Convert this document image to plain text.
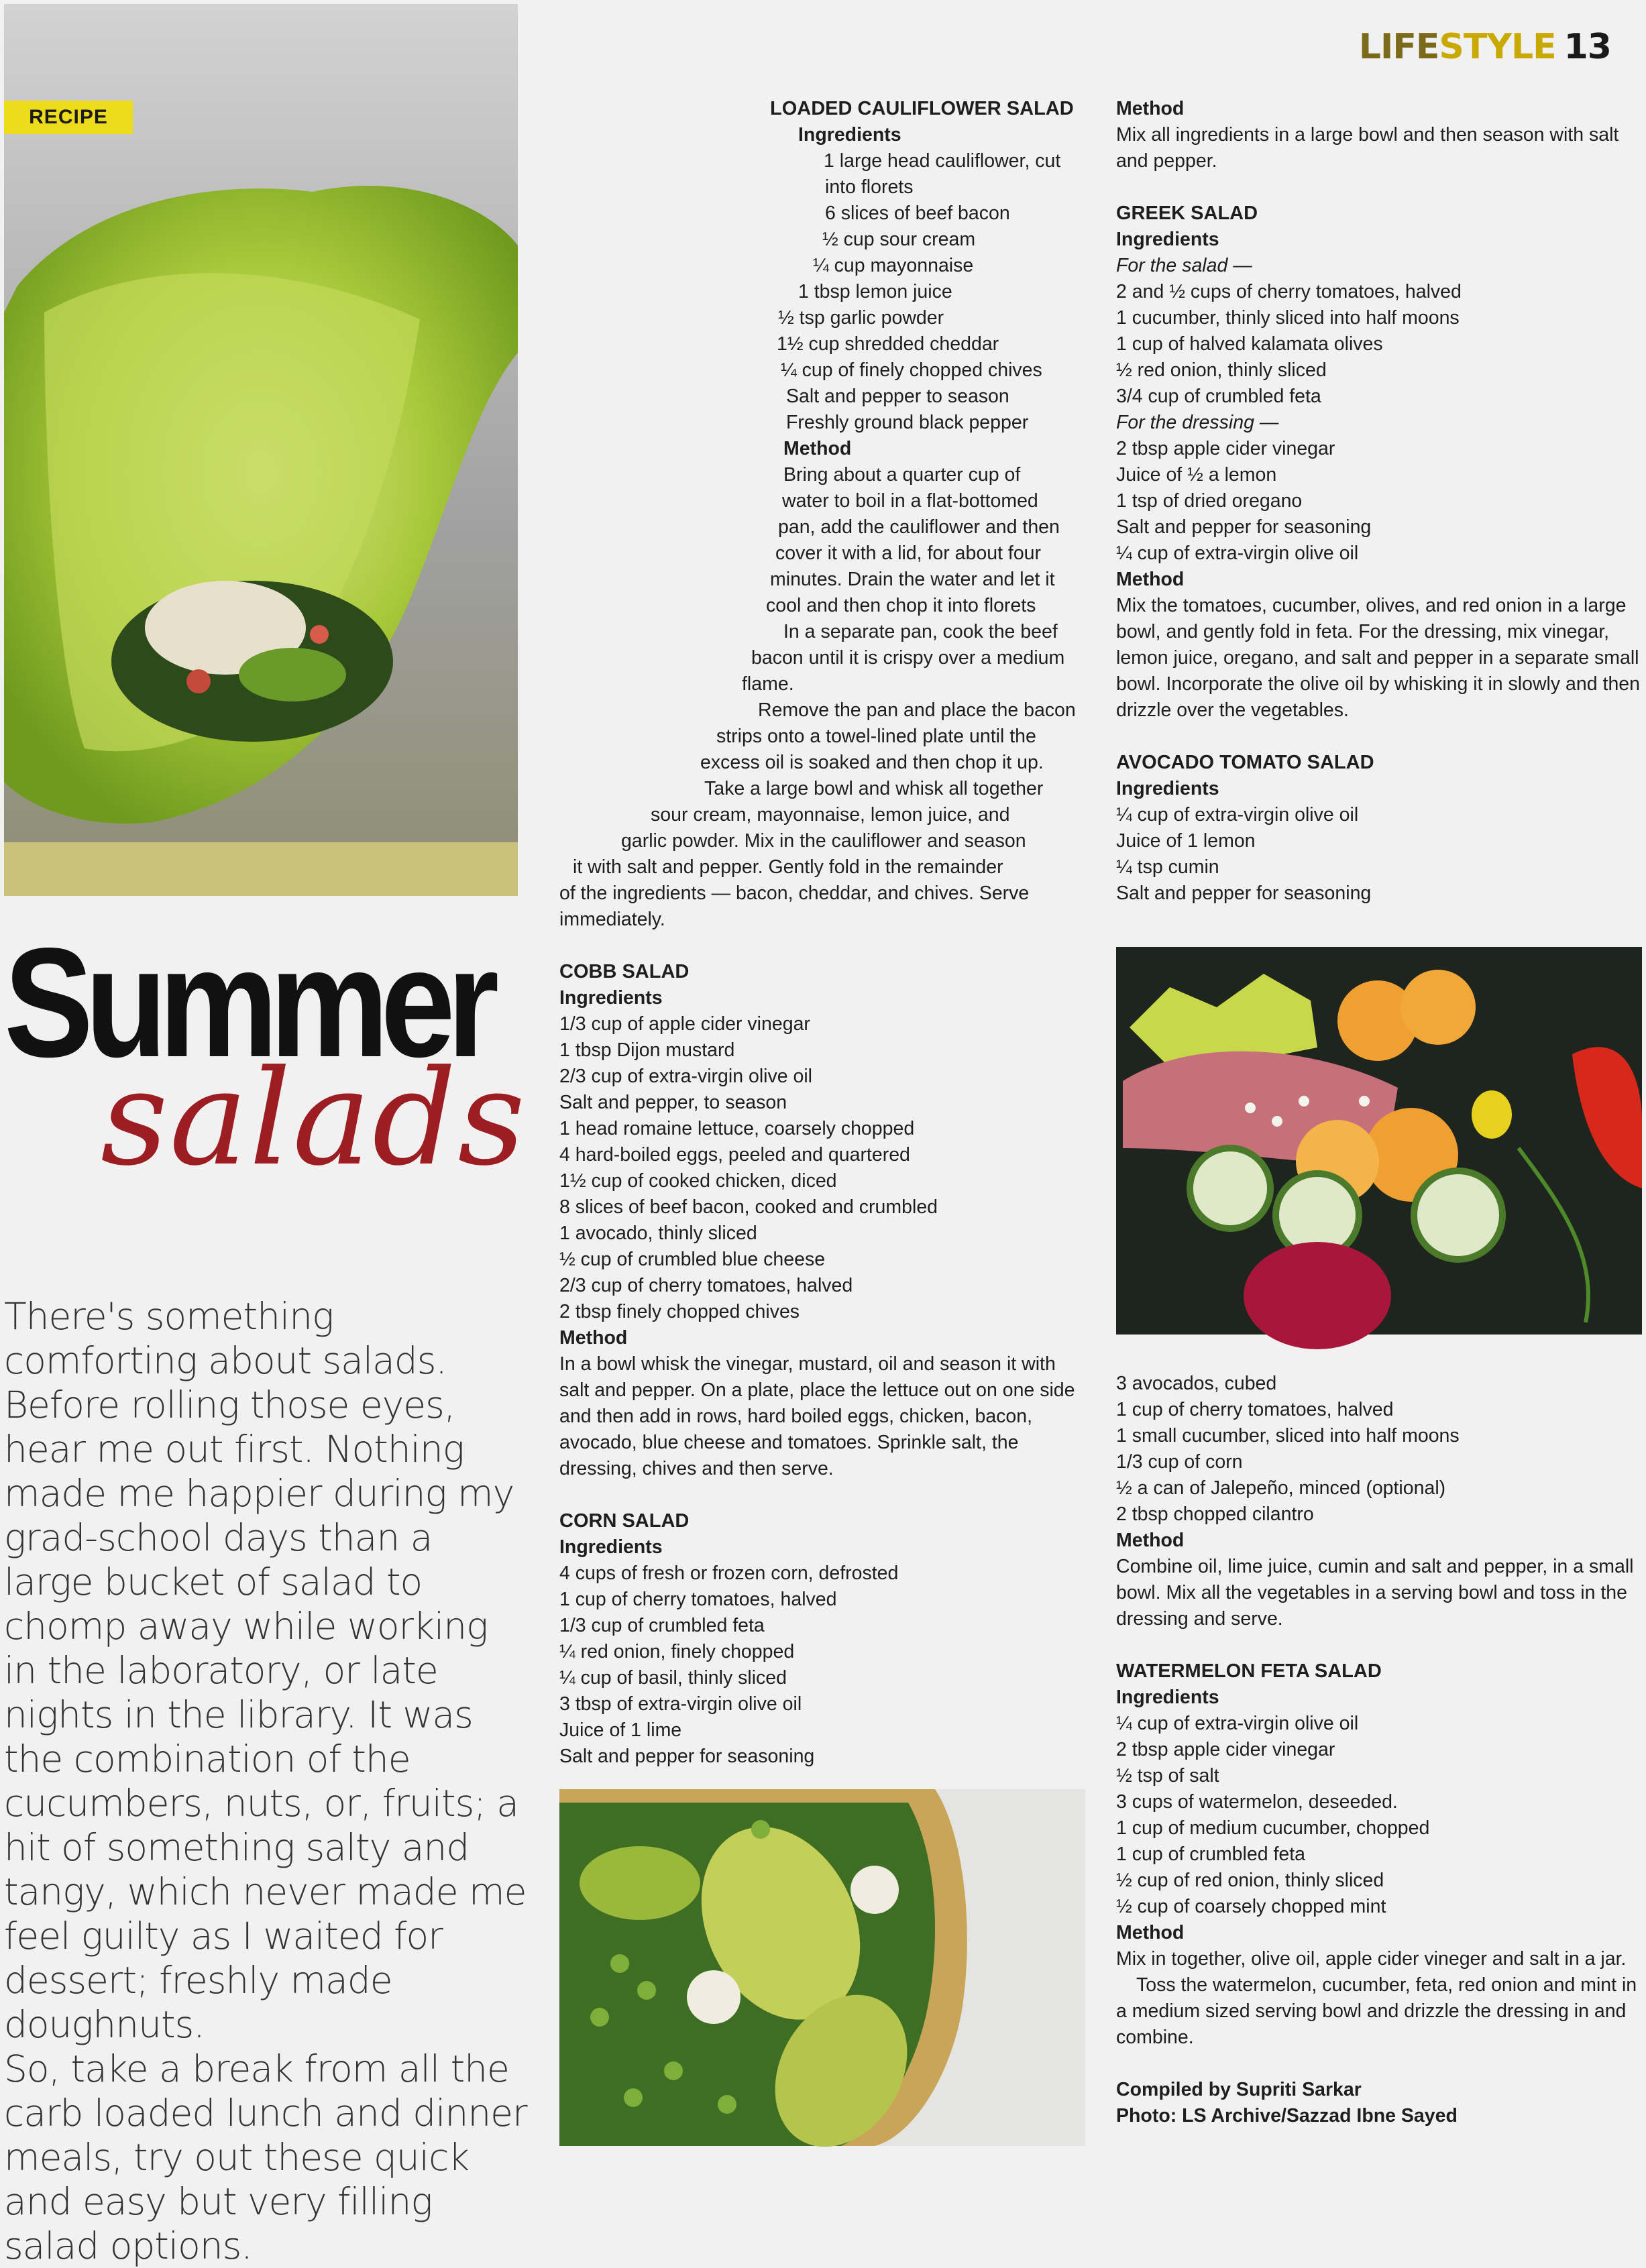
LIFESTYLE 13
RECIPE
Summer
salads

There's something comforting about salads. Before rolling those eyes, hear me out first. Nothing made me happier during my grad-school days than a large bucket of salad to chomp away while working in the laboratory, or late nights in the library. It was the combination of the cucumbers, nuts, or, fruits; a hit of something salty and tangy, which never made me feel guilty as I waited for dessert; freshly made doughnuts.

So, take a break from all the carb loaded lunch and dinner meals, try out these quick and easy but very filling salad options.

LOADED CAULIFLOWER SALAD
Ingredients
1 large head cauliflower, cut
into florets
6 slices of beef bacon
½ cup sour cream
¼ cup mayonnaise
1 tbsp lemon juice
½ tsp garlic powder
1½ cup shredded cheddar
¼ cup of finely chopped chives
Salt and pepper to season
Freshly ground black pepper
Method
Bring about a quarter cup of
water to boil in a flat-bottomed
pan, add the cauliflower and then
cover it with a lid, for about four
minutes. Drain the water and let it
cool and then chop it into florets
In a separate pan, cook the beef
bacon until it is crispy over a medium
flame.
Remove the pan and place the bacon
strips onto a towel-lined plate until the
excess oil is soaked and then chop it up.
Take a large bowl and whisk all together
sour cream, mayonnaise, lemon juice, and
garlic powder. Mix in the cauliflower and season
it with salt and pepper. Gently fold in the remainder
of the ingredients — bacon, cheddar, and chives. Serve
immediately.
COBB SALAD
Ingredients
1/3 cup of apple cider vinegar
1 tbsp Dijon mustard
2/3 cup of extra-virgin olive oil
Salt and pepper, to season
1 head romaine lettuce, coarsely chopped
4 hard-boiled eggs, peeled and quartered
1½ cup of cooked chicken, diced
8 slices of beef bacon, cooked and crumbled
1 avocado, thinly sliced
½ cup of crumbled blue cheese
2/3 cup of cherry tomatoes, halved
2 tbsp finely chopped chives
Method
In a bowl whisk the vinegar, mustard, oil and season it with salt and pepper. On a plate, place the lettuce out on one side and then add in rows, hard boiled eggs, chicken, bacon, avocado, blue cheese and tomatoes. Sprinkle salt, the dressing, chives and then serve.
CORN SALAD
Ingredients
4 cups of fresh or frozen corn, defrosted
1 cup of cherry tomatoes, halved
1/3 cup of crumbled feta
¼ red onion, finely chopped
¼ cup of basil, thinly sliced
3 tbsp of extra-virgin olive oil
Juice of 1 lime
Salt and pepper for seasoning
Method
Mix all ingredients in a large bowl and then season with salt and pepper.
GREEK SALAD
Ingredients
For the salad —
2 and ½ cups of cherry tomatoes, halved
1 cucumber, thinly sliced into half moons
1 cup of halved kalamata olives
½ red onion, thinly sliced
3/4 cup of crumbled feta
For the dressing —
2 tbsp apple cider vinegar
Juice of ½ a lemon
1 tsp of dried oregano
Salt and pepper for seasoning
¼ cup of extra-virgin olive oil
Method
Mix the tomatoes, cucumber, olives, and red onion in a large bowl, and gently fold in feta. For the dressing, mix vinegar, lemon juice, oregano, and salt and pepper in a separate small bowl. Incorporate the olive oil by whisking it in slowly and then drizzle over the vegetables.
AVOCADO TOMATO SALAD
Ingredients
¼ cup of extra-virgin olive oil
Juice of 1 lemon
¼ tsp cumin
Salt and pepper for seasoning
3 avocados, cubed
1 cup of cherry tomatoes, halved
1 small cucumber, sliced into half moons
1/3 cup of corn
½ a can of Jalepeño, minced (optional)
2 tbsp chopped cilantro
Method
Combine oil, lime juice, cumin and salt and pepper, in a small bowl. Mix all the vegetables in a serving bowl and toss in the dressing and serve.
WATERMELON FETA SALAD
Ingredients
¼ cup of extra-virgin olive oil
2 tbsp apple cider vinegar
½ tsp of salt
3 cups of watermelon, deseeded.
1 cup of medium cucumber, chopped
1 cup of crumbled feta
½ cup of red onion, thinly sliced
½ cup of coarsely chopped mint
Method
Mix in together, olive oil, apple cider vineger and salt in a jar.
Toss the watermelon, cucumber, feta, red onion and mint in a medium sized serving bowl and drizzle the dressing in and combine.
Compiled by Supriti Sarkar
Photo: LS Archive/Sazzad Ibne Sayed
